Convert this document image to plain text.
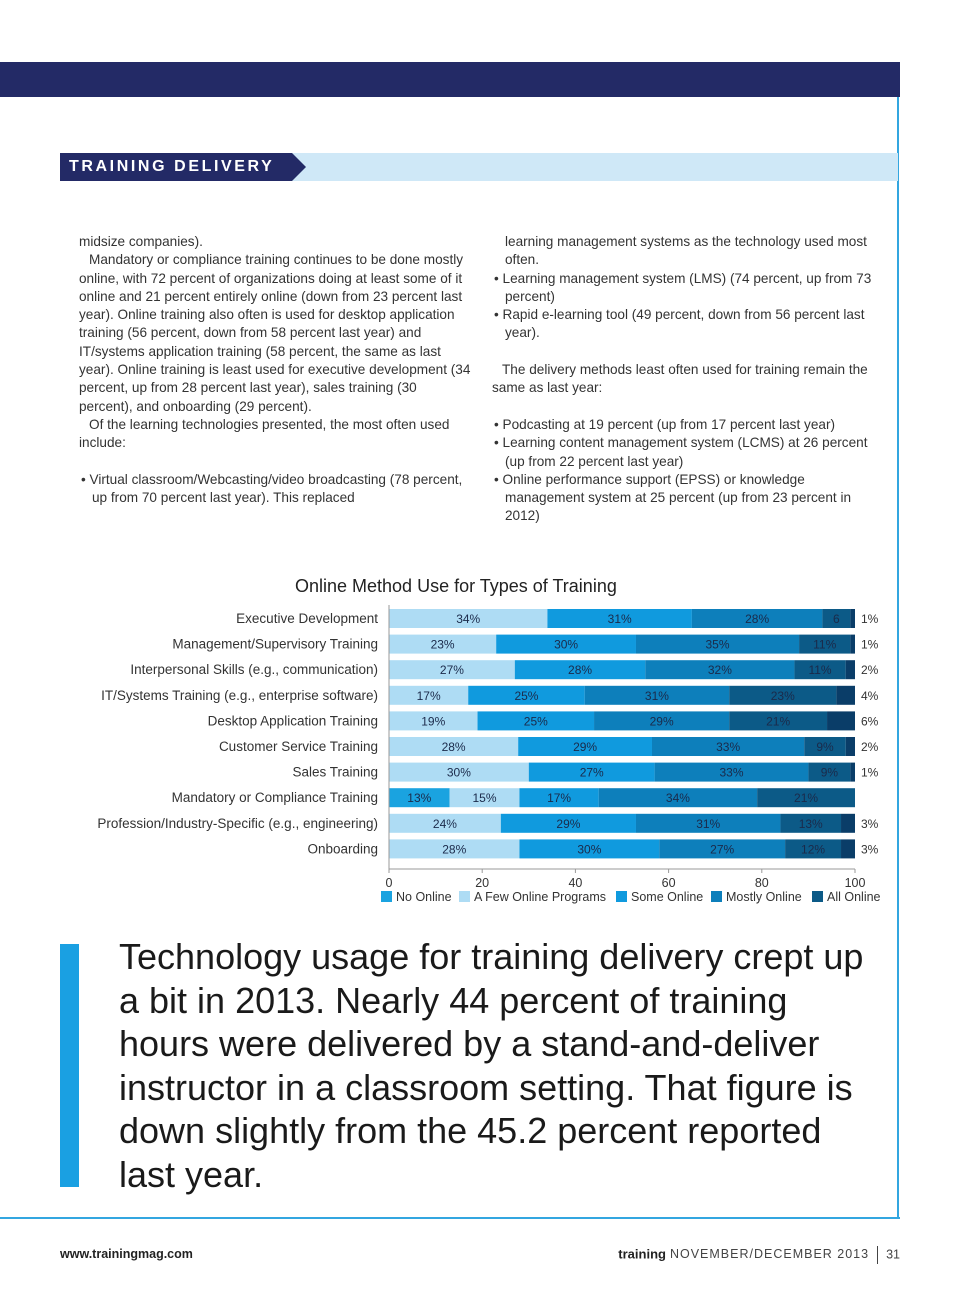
TRAINING DELIVERY

midsize companies).

Mandatory or compliance training continues to be done mostly online, with 72 percent of organizations doing at least some of it online and 21 percent entirely online (down from 23 percent last year). Online training also often is used for desktop application training (56 percent, down from 58 percent last year) and IT/systems application training (58 percent, the same as last year). Online training is least used for executive development (34 percent, up from 28 percent last year), sales training (30 percent), and onboarding (29 percent).

Of the learning technologies presented, the most often used include:

• Virtual classroom/Webcasting/video broadcasting (78 percent, up from 70 percent last year). This replaced

learning management systems as the technology used most often.

• Learning management system (LMS) (74 percent, up from 73 percent)

• Rapid e-learning tool (49 percent, down from 56 percent last year).

The delivery methods least often used for training remain the same as last year:

• Podcasting at 19 percent (up from 17 percent last year)

• Learning content management system (LCMS) at 26 percent (up from 22 percent last year)

• Online performance support (EPSS) or knowledge management system at 25 percent (up from 23 percent in 2012)

Online Method Use for Types of Training
Executive Development	34%	31%	28%	6 1%
Management/Supervisory Training	23%	30%	35%	11% 1%
Interpersonal Skills (e.g., communication)	27%	28%	32%	11% 2%
IT/Systems Training (e.g., enterprise software)	17%	25%	31%	23%	4%
Desktop Application Training	19%	25%	29%	21%	6%
Customer Service Training	28%	29%	33%	9% 2%
Sales Training	30%	27%	33%	9% 1%
Mandatory or Compliance Training 13%	15%	17%	34%	21%
Profession/Industry-Specific (e.g., engineering)	24%	29%	31%	13%	3%
Onboarding	28%	30%	27%	12%	3%
0	20	40	60	80	100
No Online A Few Online Programs Some Online Mostly Online All Online
Technology usage for training delivery crept up a bit in 2013. Nearly 44 percent of training hours were delivered by a stand-and-deliver instructor in a classroom setting. That figure is down slightly from the 45.2 percent reported last year.
www.trainingmag.com	training NOVEMBER/DECEMBER 2013 31
